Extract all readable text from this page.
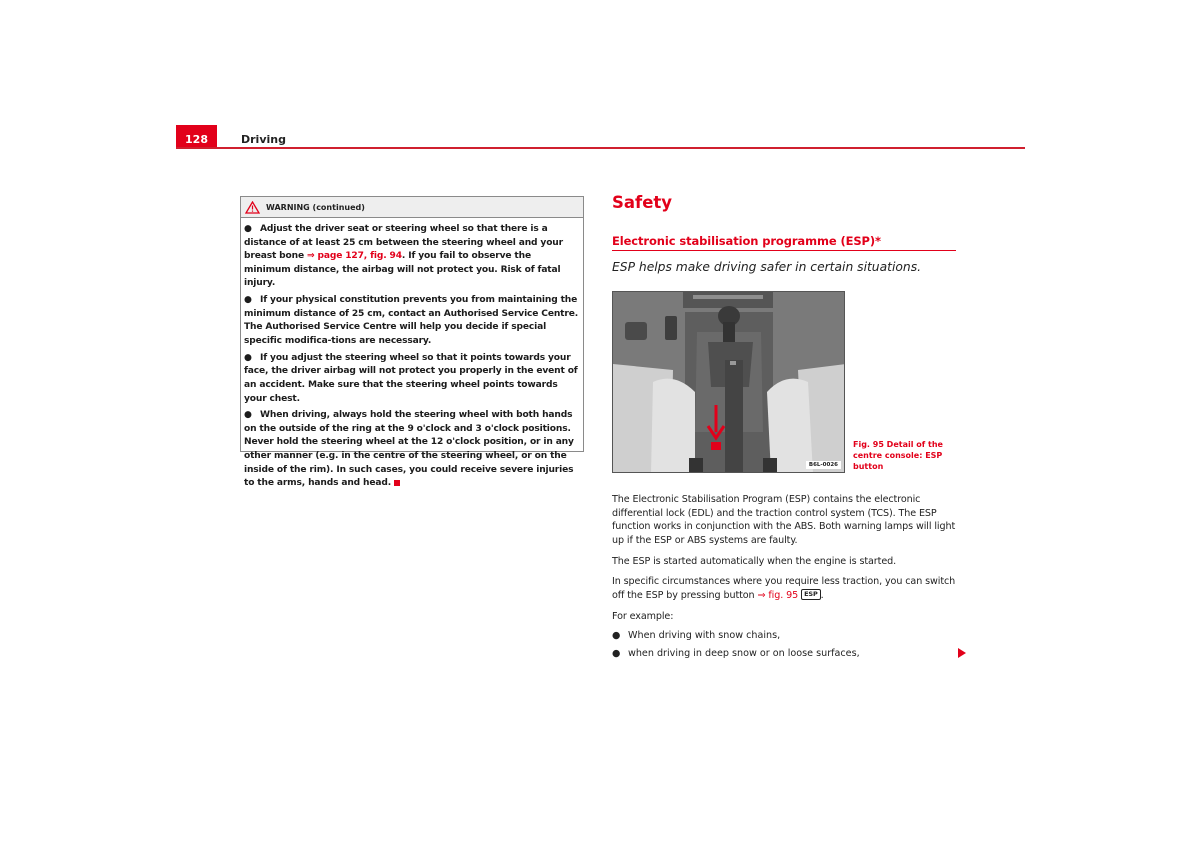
128	Driving
WARNING (continued)

● Adjust the driver seat or steering wheel so that there is a distance of at least 25 cm between the steering wheel and your breast bone ⇒ page 127, fig. 94. If you fail to observe the minimum distance, the airbag will not protect you. Risk of fatal injury.

● If your physical constitution prevents you from maintaining the minimum distance of 25 cm, contact an Authorised Service Centre. The Authorised Service Centre will help you decide if special specific modifica-tions are necessary.

● If you adjust the steering wheel so that it points towards your face, the driver airbag will not protect you properly in the event of an accident. Make sure that the steering wheel points towards your chest.

● When driving, always hold the steering wheel with both hands on the outside of the ring at the 9 o'clock and 3 o'clock positions. Never hold the steering wheel at the 12 o'clock position, or in any other manner (e.g. in the centre of the steering wheel, or on the inside of the rim). In such cases, you could receive severe injuries to the arms, hands and head.

Safety
Electronic stabilisation programme (ESP)*
ESP helps make driving safer in certain situations.
B6L-0026
Fig. 95 Detail of the centre console: ESP button
The Electronic Stabilisation Program (ESP) contains the electronic differential lock (EDL) and the traction control system (TCS). The ESP function works in conjunction with the ABS. Both warning lamps will light up if the ESP or ABS systems are faulty.
The ESP is started automatically when the engine is started.
In specific circumstances where you require less traction, you can switch off the ESP by pressing button ⇒ fig. 95 ESP .
For example:
● When driving with snow chains,
● when driving in deep snow or on loose surfaces,
